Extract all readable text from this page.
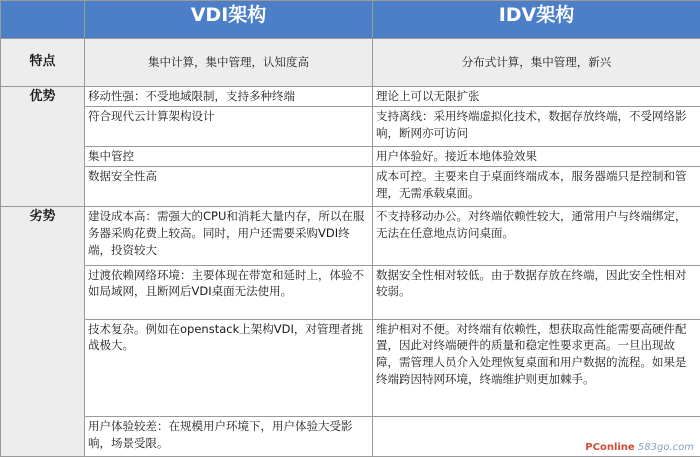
	VDI架构	IDV架构
特点	集中计算，集中管理，认知度高	分布式计算，集中管理，新兴
优势	移动性强：不受地域限制，支持多种终端	理论上可以无限扩张
	符合现代云计算架构设计	支持离线：采用终端虚拟化技术，数据存放终端，不受网络影响，断网亦可访问
	集中管控	用户体验好。接近本地体验效果
	数据安全性高	成本可控。主要来自于桌面终端成本，服务器端只是控制和管理，无需承载桌面。
劣势	建设成本高：需强大的CPU和消耗大量内存，所以在服务器采购花费上较高。同时，用户还需要采购VDI终端，投资较大	不支持移动办公。对终端依赖性较大，通常用户与终端绑定，无法在任意地点访问桌面。
	过渡依赖网络环境：主要体现在带宽和延时上，体验不如局域网，且断网后VDI桌面无法使用。	数据安全性相对较低。由于数据存放在终端，因此安全性相对较弱。
	技术复杂。例如在openstack上架构VDI，对管理者挑战极大。	维护相对不便。对终端有依赖性，想获取高性能需要高硬件配置，因此对终端硬件的质量和稳定性要求更高。一旦出现故障，需管理人员介入处理恢复桌面和用户数据的流程。如果是终端跨因特网环境，终端维护则更加棘手。
	用户体验较差：在规模用户环境下，用户体验大受影响，场景受限。		PConline 583go.com
